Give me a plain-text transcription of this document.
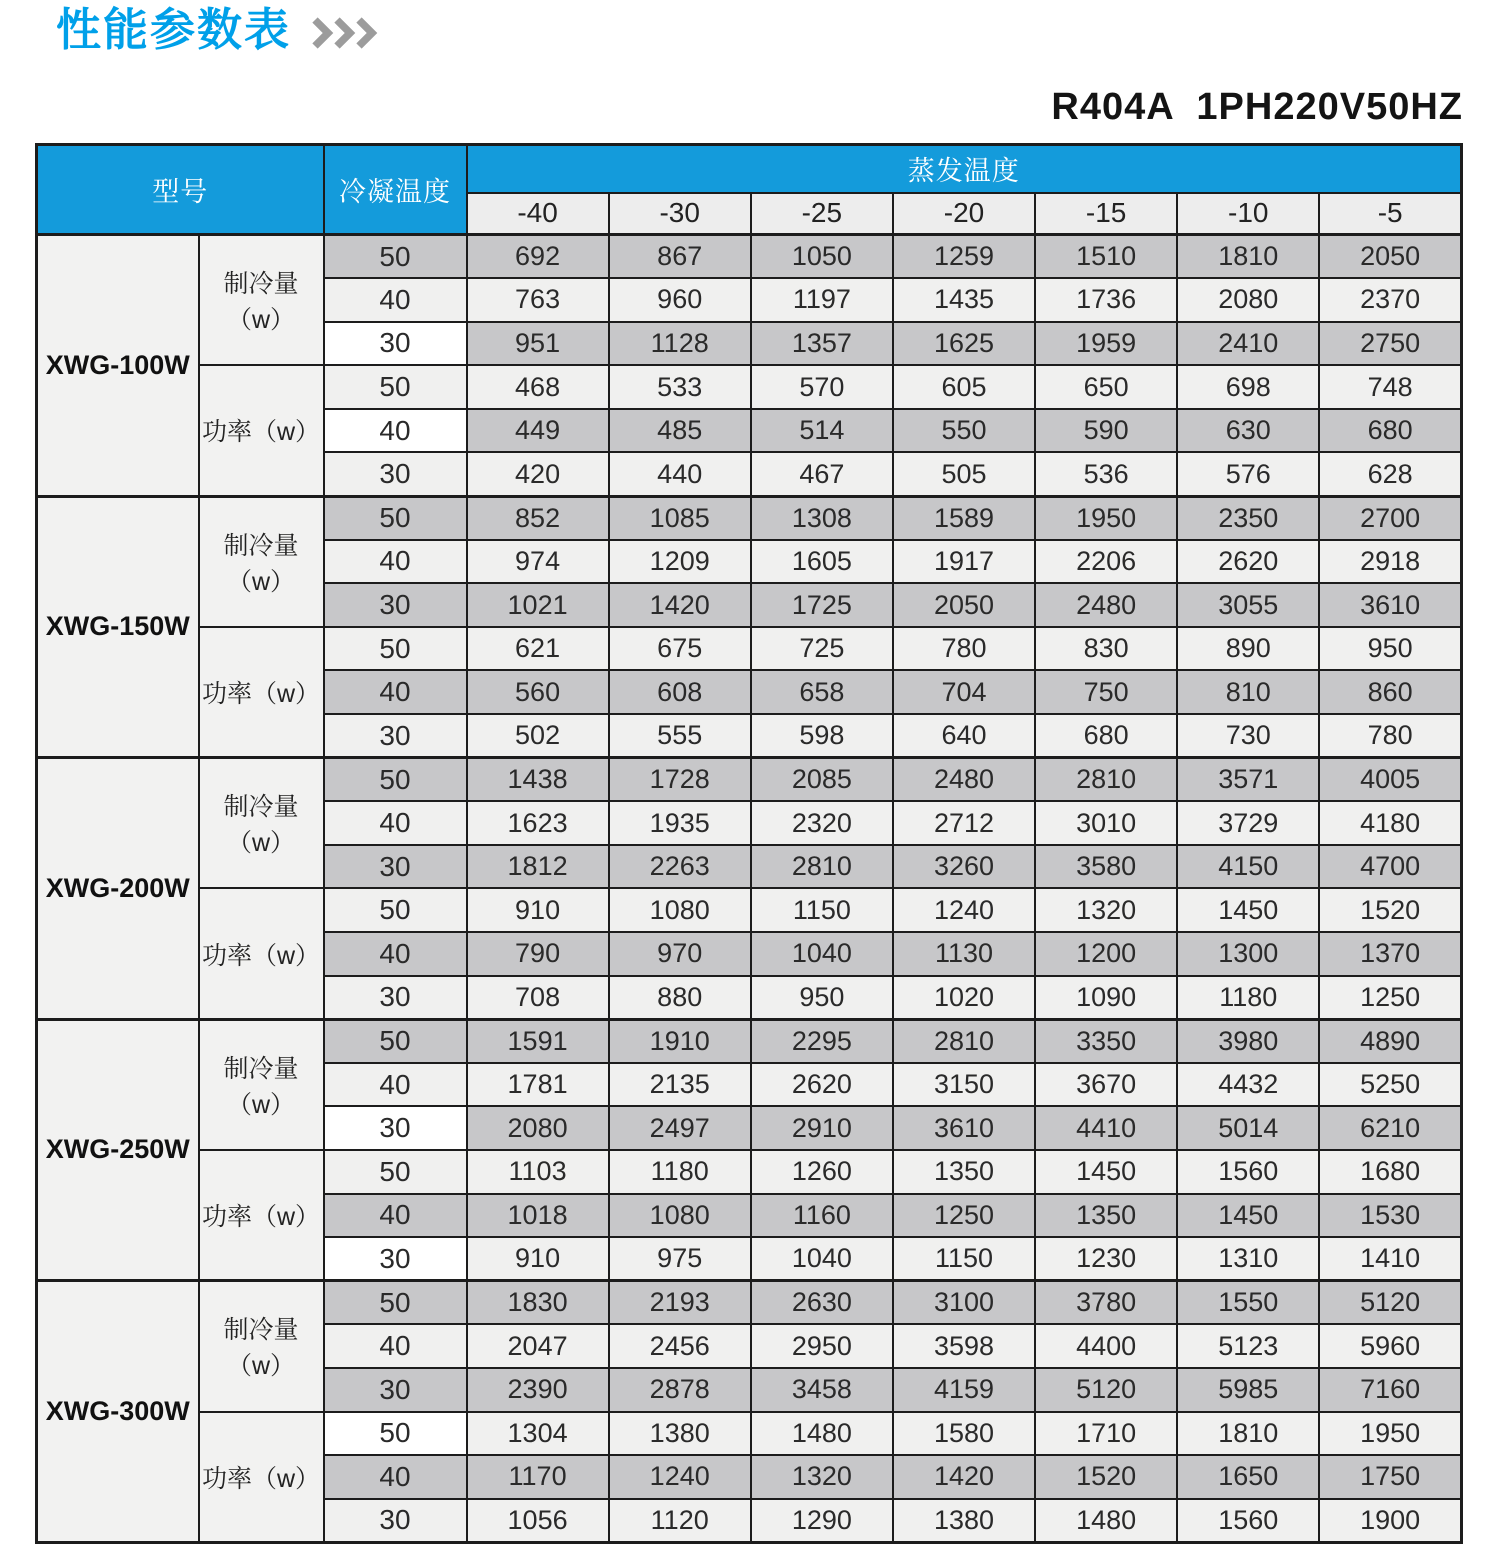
性能参数表
R404A  1PH220V50HZ
型号		冷凝温度	蒸发温度						
			-40	-30	-25	-20	-15	-10	-5
XWG-100W	制冷量（w）	50	692	867	1050	1259	1510	1810	2050
		40	763	960	1197	1435	1736	2080	2370
		30	951	1128	1357	1625	1959	2410	2750
	功率（w）	50	468	533	570	605	650	698	748
		40	449	485	514	550	590	630	680
		30	420	440	467	505	536	576	628
XWG-150W	制冷量（w）	50	852	1085	1308	1589	1950	2350	2700
		40	974	1209	1605	1917	2206	2620	2918
		30	1021	1420	1725	2050	2480	3055	3610
	功率（w）	50	621	675	725	780	830	890	950
		40	560	608	658	704	750	810	860
		30	502	555	598	640	680	730	780
XWG-200W	制冷量（w）	50	1438	1728	2085	2480	2810	3571	4005
		40	1623	1935	2320	2712	3010	3729	4180
		30	1812	2263	2810	3260	3580	4150	4700
	功率（w）	50	910	1080	1150	1240	1320	1450	1520
		40	790	970	1040	1130	1200	1300	1370
		30	708	880	950	1020	1090	1180	1250
XWG-250W	制冷量（w）	50	1591	1910	2295	2810	3350	3980	4890
		40	1781	2135	2620	3150	3670	4432	5250
		30	2080	2497	2910	3610	4410	5014	6210
	功率（w）	50	1103	1180	1260	1350	1450	1560	1680
		40	1018	1080	1160	1250	1350	1450	1530
		30	910	975	1040	1150	1230	1310	1410
XWG-300W	制冷量（w）	50	1830	2193	2630	3100	3780	1550	5120
		40	2047	2456	2950	3598	4400	5123	5960
		30	2390	2878	3458	4159	5120	5985	7160
	功率（w）	50	1304	1380	1480	1580	1710	1810	1950
		40	1170	1240	1320	1420	1520	1650	1750
		30	1056	1120	1290	1380	1480	1560	1900
